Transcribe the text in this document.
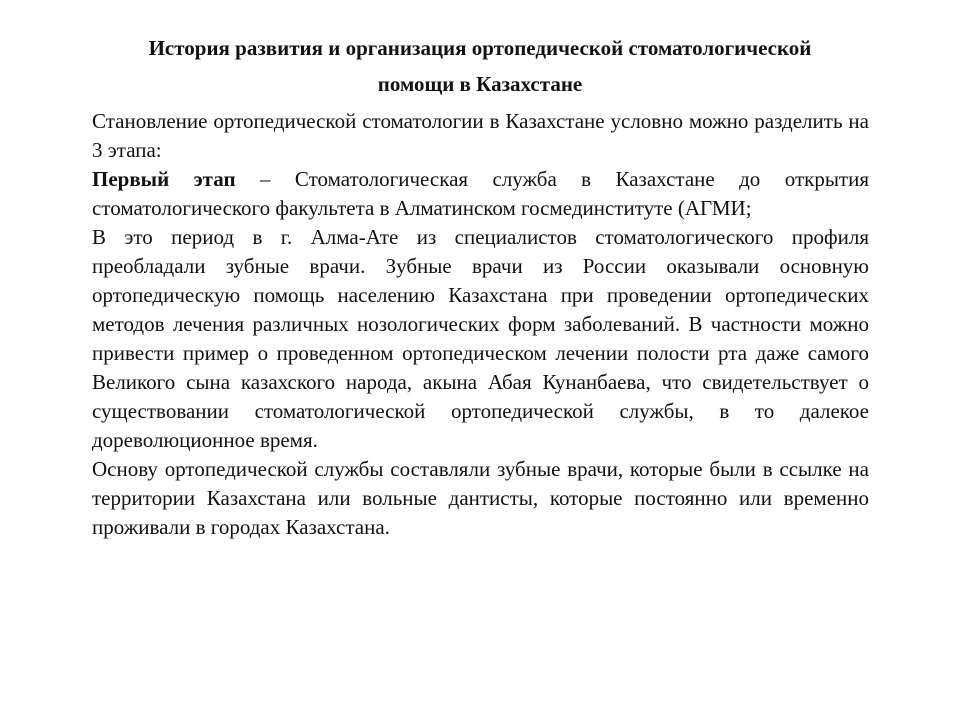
История развития и организация ортопедической стоматологической
помощи в Казахстане

Становление ортопедической стоматологии в Казахстане условно можно разделить на 3 этапа:

Первый этап – Стоматологическая служба в Казахстане до открытия стоматологического факультета в Алматинском госмединституте (АГМИ;

В это период в г. Алма-Ате из специалистов стоматологического профиля преобладали зубные врачи. Зубные врачи из России оказывали основную ортопедическую помощь населению Казахстана при проведении ортопедических методов лечения различных нозологических форм заболеваний. В частности можно привести пример о проведенном ортопедическом лечении полости рта даже самого Великого сына казахского народа, акына Абая Кунанбаева, что свидетельствует о существовании стоматологической ортопедической службы, в то далекое дореволюционное время.

Основу ортопедической службы составляли зубные врачи, которые были в ссылке на территории Казахстана или вольные дантисты, которые постоянно или временно проживали в городах Казахстана.
